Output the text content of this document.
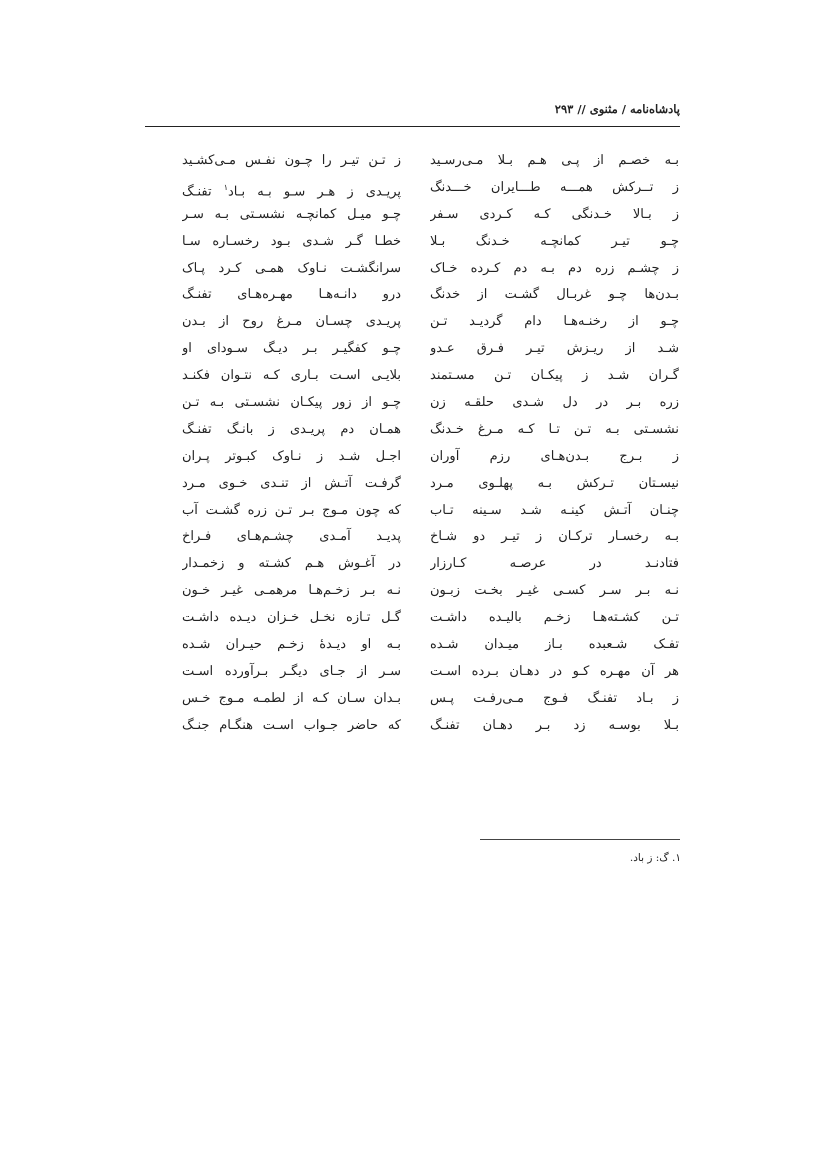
پادشاه‌نامه / مثنوی // ۲۹۳
بـه خصـم از پـی هـم بـلا مـی‌رسـید
ز تـن تیـر را چـون نفـس مـی‌کشـید
ز تــرکش همـــه طـــایران خـــدنگ
پریـدی ز هـر سـو بـه بـاد$^۱$ تفنـگ
ز بـالا خـدنگی کـه کـردی سـفر
چـو میـل کمانچـه نشسـتی بـه سـر
چـو تیـر کمانچـه خـدنگ بـلا
خطـا گـر شـدی بـود رخسـاره سـا
ز چشـم زره دم بـه دم کـرده خـاک
سرانگشـت نـاوک همـی کـرد پـاک
بـدن‌ها چـو غربـال گشـت از خدنگ
درو دانـه‌هـا مهـره‌هـای تفنـگ
چـو از رخنـه‌هـا دام گردیـد تـن
پریـدی چسـان مـرغ روح از بـدن
شـد از ریـزش تیـر فـرق عـدو
چـو کفگیـر بـر دیـگ سـودای او
گـران شـد ز پیکـان تـن مسـتمند
بلایـی اسـت بـاری کـه نتـوان فکنـد
زره بـر در دل شـدی حلقـه زن
چـو از زور پیکـان نشسـتی بـه تـن
نشسـتی بـه تـن تـا کـه مـرغ خـدنگ
همـان دم پریـدی ز بانـگ تفنـگ
ز بـرج بـدن‌هـای رزم آوران
اجـل شـد ز نـاوک کبـوتر پـران
نیسـتان تـرکش بـه پهلـوی مـرد
گرفـت آتـش از تنـدی خـوی مـرد
چنـان آتـش کینـه شـد سـینه تـاب
که چون مـوج بـر تـن زره گشـت آب
بـه رخسـار ترکـان ز تیـر دو شـاخ
پدیـد آمـدی چشـم‌هـای فـراخ
فتادنـد در عرصـه کـارزار
در آغـوش هـم کشـته و زخمـدار
نـه بـر سـر کسـی غیـر بخـت زبـون
نـه بـر زخـم‌هـا مرهمـی غیـر خـون
تـن کشـته‌هـا زخـم بالیـده داشـت
گـل تـازه نخـل خـزان دیـده داشـت
تفـک شـعبده بـاز میـدان شـده
بـه او دیـدهٔ زخـم حیـران شـده
هر آن مهـره کـو در دهـان بـرده اسـت
سـر از جـای دیگـر بـرآورده اسـت
ز بـاد تفنـگ فـوج مـی‌رفـت پـس
بـدان سـان کـه از لطمـه مـوج خـس
بـلا بوسـه زد بـر دهـان تفنـگ
که حاضر جـواب اسـت هنگـام جنـگ
۱. گ: ز باد.
